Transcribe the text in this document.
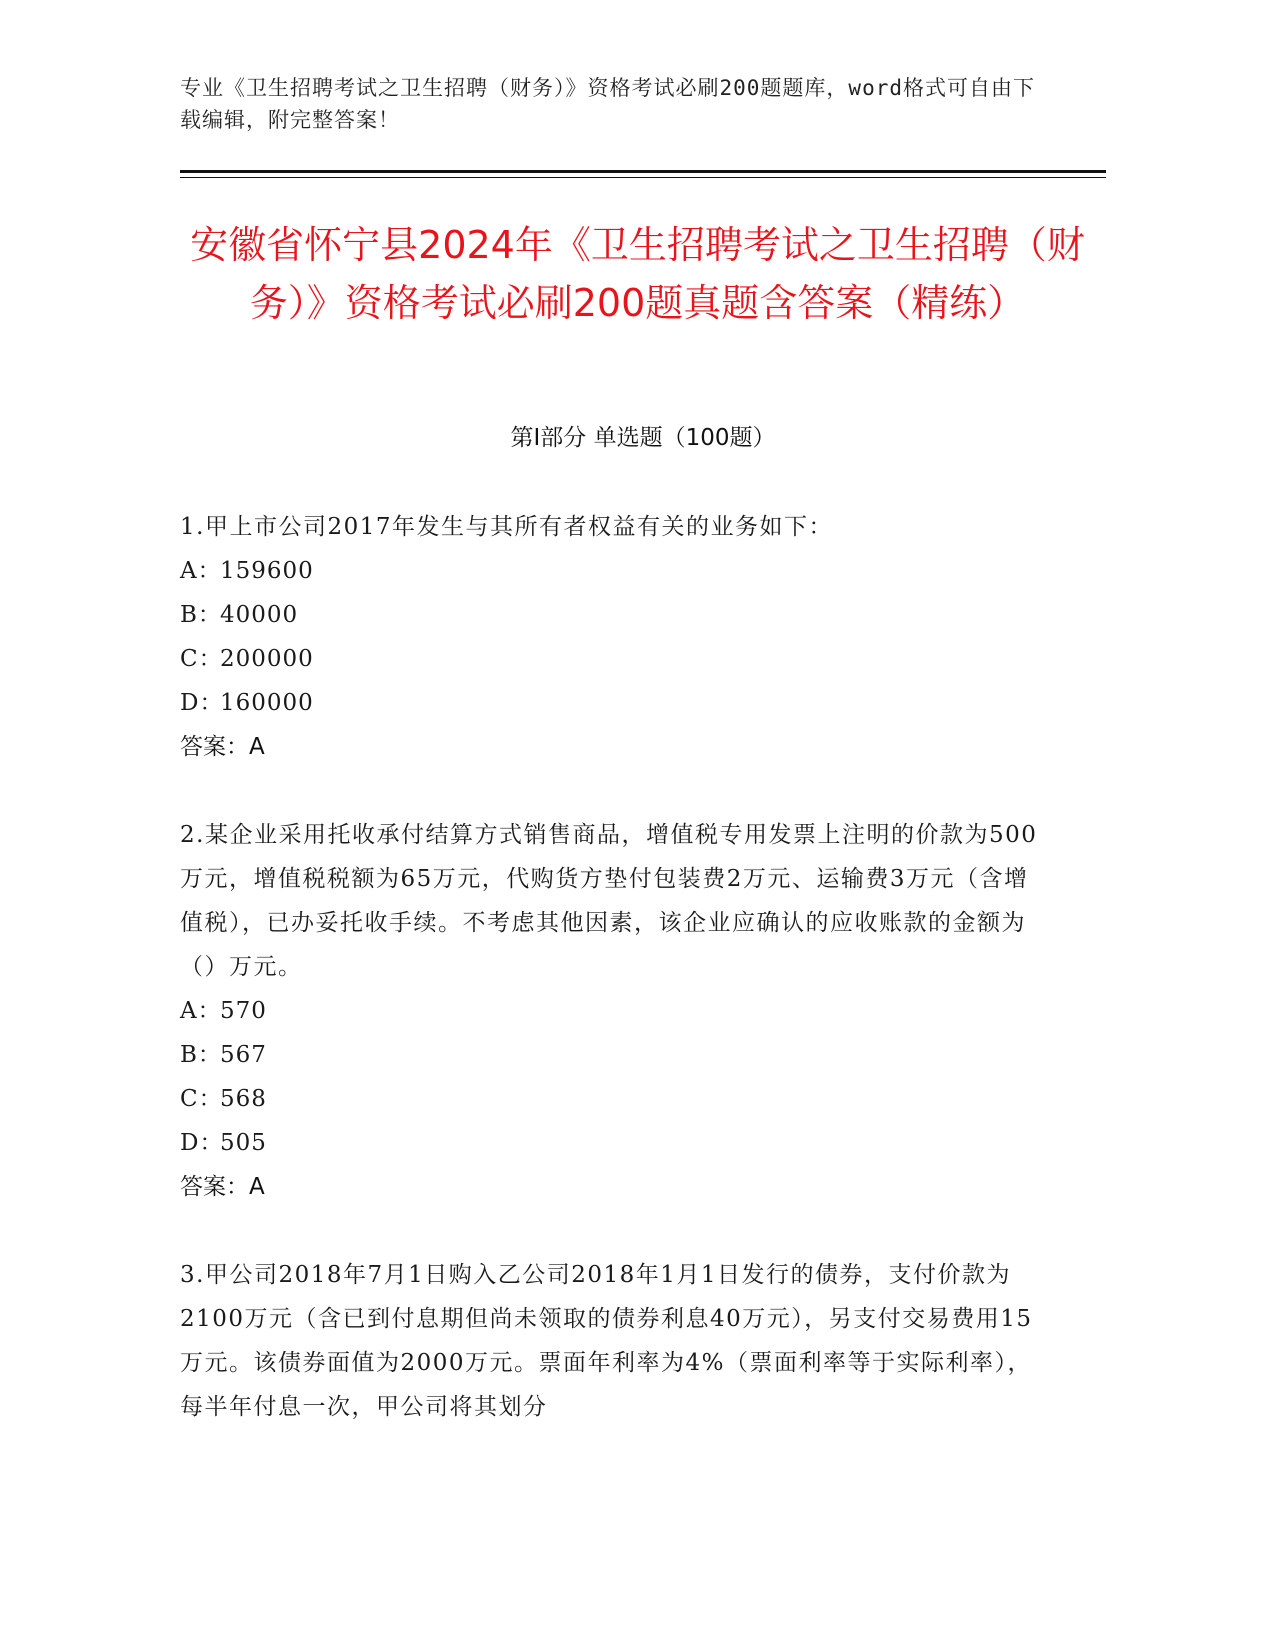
专业《卫生招聘考试之卫生招聘（财务）》资格考试必刷200题题库，word格式可自由下载编辑，附完整答案！
安徽省怀宁县2024年《卫生招聘考试之卫生招聘（财务）》资格考试必刷200题真题含答案（精练）
第I部分 单选题（100题）

1.甲上市公司2017年发生与其所有者权益有关的业务如下：

A：159600

B：40000

C：200000

D：160000

答案：A

2.某企业采用托收承付结算方式销售商品，增值税专用发票上注明的价款为500万元，增值税税额为65万元，代购货方垫付包装费2万元、运输费3万元（含增值税），已办妥托收手续。不考虑其他因素，该企业应确认的应收账款的金额为（）万元。

A：570

B：567

C：568

D：505

答案：A

3.甲公司2018年7月1日购入乙公司2018年1月1日发行的债券，支付价款为2100万元（含已到付息期但尚未领取的债券利息40万元），另支付交易费用15万元。该债券面值为2000万元。票面年利率为4%（票面利率等于实际利率），每半年付息一次，甲公司将其划分
